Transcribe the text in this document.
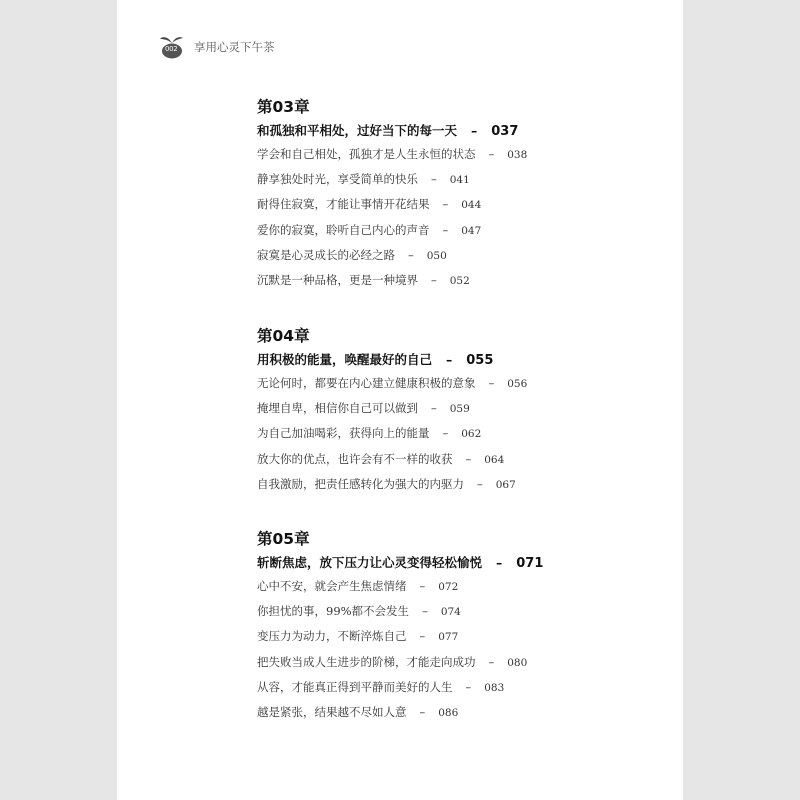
002 享用心灵下午茶
第03章
和孤独和平相处，过好当下的每一天 – 037
学会和自己相处，孤独才是人生永恒的状态 – 038
静享独处时光，享受简单的快乐 – 041
耐得住寂寞，才能让事情开花结果 – 044
爱你的寂寞，聆听自己内心的声音 – 047
寂寞是心灵成长的必经之路 – 050
沉默是一种品格，更是一种境界 – 052
第04章
用积极的能量，唤醒最好的自己 – 055
无论何时，都要在内心建立健康积极的意象 – 056
掩埋自卑，相信你自己可以做到 – 059
为自己加油喝彩，获得向上的能量 – 062
放大你的优点，也许会有不一样的收获 – 064
自我激励，把责任感转化为强大的内驱力 – 067
第05章
斩断焦虑，放下压力让心灵变得轻松愉悦 – 071
心中不安，就会产生焦虑情绪 – 072
你担忧的事，99%都不会发生 – 074
变压力为动力，不断淬炼自己 – 077
把失败当成人生进步的阶梯，才能走向成功 – 080
从容，才能真正得到平静而美好的人生 – 083
越是紧张，结果越不尽如人意 – 086
